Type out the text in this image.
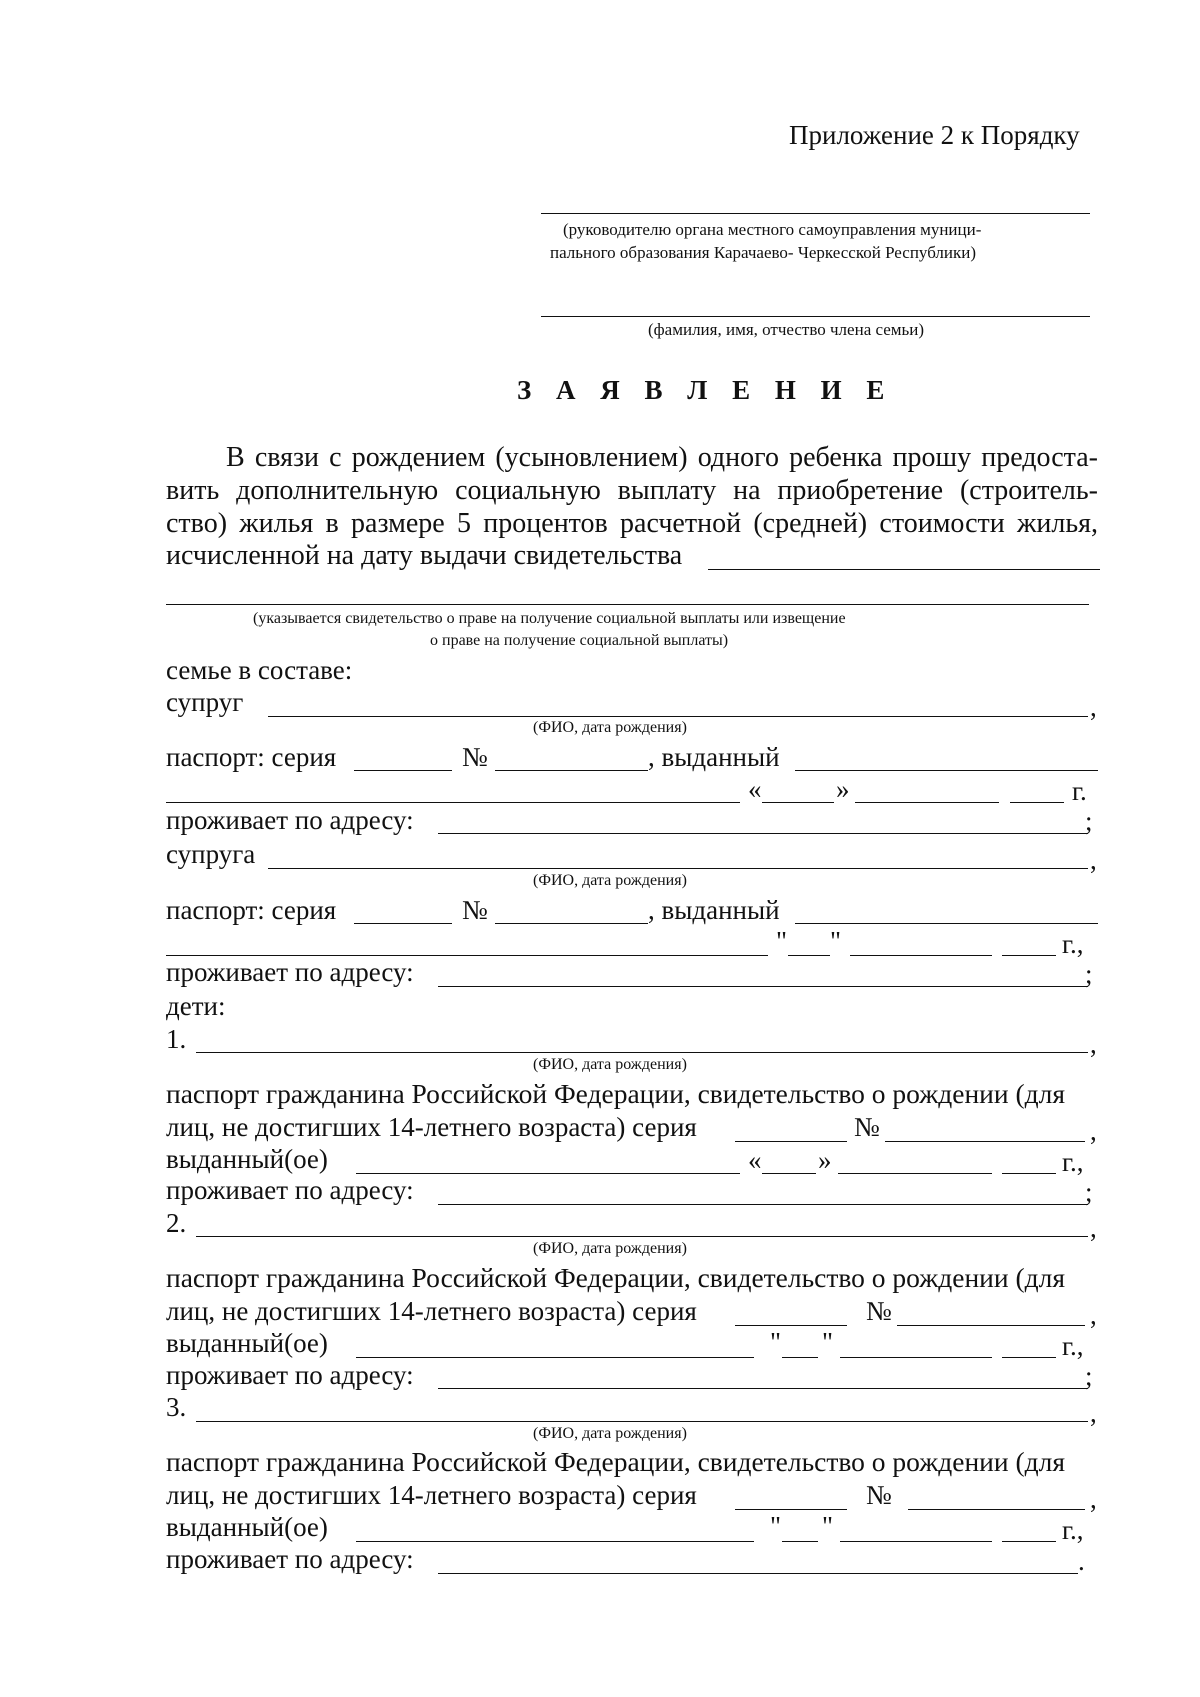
Приложение 2 к Порядку
(руководителю органа местного самоуправления муници-
пального образования Карачаево- Черкесской Республики)
(фамилия, имя, отчество члена семьи)
З А Я В Л Е Н И Е
В связи с рождением (усыновлением) одного ребенка прошу предоста-
вить дополнительную социальную выплату на приобретение (строитель-
ство) жилья в размере 5 процентов расчетной (средней) стоимости жилья,
исчисленной на дату выдачи свидетельства
(указывается свидетельство о праве на получение социальной выплаты или извещение
о праве на получение социальной выплаты)
семье в составе:
супруг	,
(ФИО, дата рождения)
паспорт: серия	№	, выданный
«	»	г.
проживает по адресу:	;
супруга	,
(ФИО, дата рождения)
паспорт: серия	№	, выданный
" "	г.,
проживает по адресу:	;
дети:
1.	,
(ФИО, дата рождения)
паспорт гражданина Российской Федерации, свидетельство о рождении (для
лиц, не достигших 14-летнего возраста) серия	№	,
выданный(ое)	« »	г.,
проживает по адресу:	;
2.	,
(ФИО, дата рождения)
паспорт гражданина Российской Федерации, свидетельство о рождении (для
лиц, не достигших 14-летнего возраста) серия	№	,
выданный(ое)	" "	г.,
проживает по адресу:	;
3.	,
(ФИО, дата рождения)
паспорт гражданина Российской Федерации, свидетельство о рождении (для
лиц, не достигших 14-летнего возраста) серия	№	,
выданный(ое)	" "	г.,
проживает по адресу:	.
